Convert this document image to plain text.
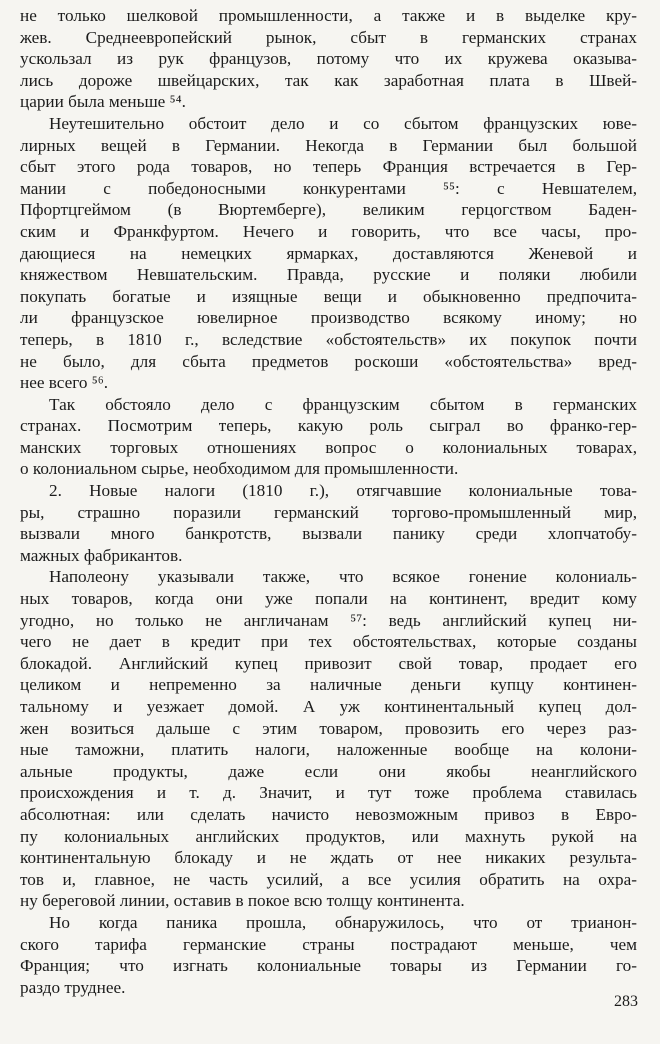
не только шелковой промышленности, а также и в выделке кру-
жев. Среднеевропейский рынок, сбыт в германских странах
ускользал из рук французов, потому что их кружева оказыва-
лись дороже швейцарских, так как заработная плата в Швей-
царии была меньше ⁵⁴.
Неутешительно обстоит дело и со сбытом французских юве-
лирных вещей в Германии. Некогда в Германии был большой
сбыт этого рода товаров, но теперь Франция встречается в Гер-
мании с победоносными конкурентами ⁵⁵: с Невшателем,
Пфортцгеймом (в Вюртемберге), великим герцогством Баден-
ским и Франкфуртом. Нечего и говорить, что все часы, про-
дающиеся на немецких ярмарках, доставляются Женевой и
княжеством Невшательским. Правда, русские и поляки любили
покупать богатые и изящные вещи и обыкновенно предпочита-
ли французское ювелирное производство всякому иному; но
теперь, в 1810 г., вследствие «обстоятельств» их покупок почти
не было, для сбыта предметов роскоши «обстоятельства» вред-
нее всего ⁵⁶.
Так обстояло дело с французским сбытом в германских
странах. Посмотрим теперь, какую роль сыграл во франко-гер-
манских торговых отношениях вопрос о колониальных товарах,
о колониальном сырье, необходимом для промышленности.
2. Новые налоги (1810 г.), отягчавшие колониальные това-
ры, страшно поразили германский торгово-промышленный мир,
вызвали много банкротств, вызвали панику среди хлопчатобу-
мажных фабрикантов.
Наполеону указывали также, что всякое гонение колониаль-
ных товаров, когда они уже попали на континент, вредит кому
угодно, но только не англичанам ⁵⁷: ведь английский купец ни-
чего не дает в кредит при тех обстоятельствах, которые созданы
блокадой. Английский купец привозит свой товар, продает его
целиком и непременно за наличные деньги купцу континен-
тальному и уезжает домой. А уж континентальный купец дол-
жен возиться дальше с этим товаром, провозить его через раз-
ные таможни, платить налоги, наложенные вообще на колони-
альные продукты, даже если они якобы неанглийского
происхождения и т. д. Значит, и тут тоже проблема ставилась
абсолютная: или сделать начисто невозможным привоз в Евро-
пу колониальных английских продуктов, или махнуть рукой на
континентальную блокаду и не ждать от нее никаких результа-
тов и, главное, не часть усилий, а все усилия обратить на охра-
ну береговой линии, оставив в покое всю толщу континента.
Но когда паника прошла, обнаружилось, что от трианон-
ского тарифа германские страны пострадают меньше, чем
Франция; что изгнать колониальные товары из Германии го-
раздо труднее.
283
